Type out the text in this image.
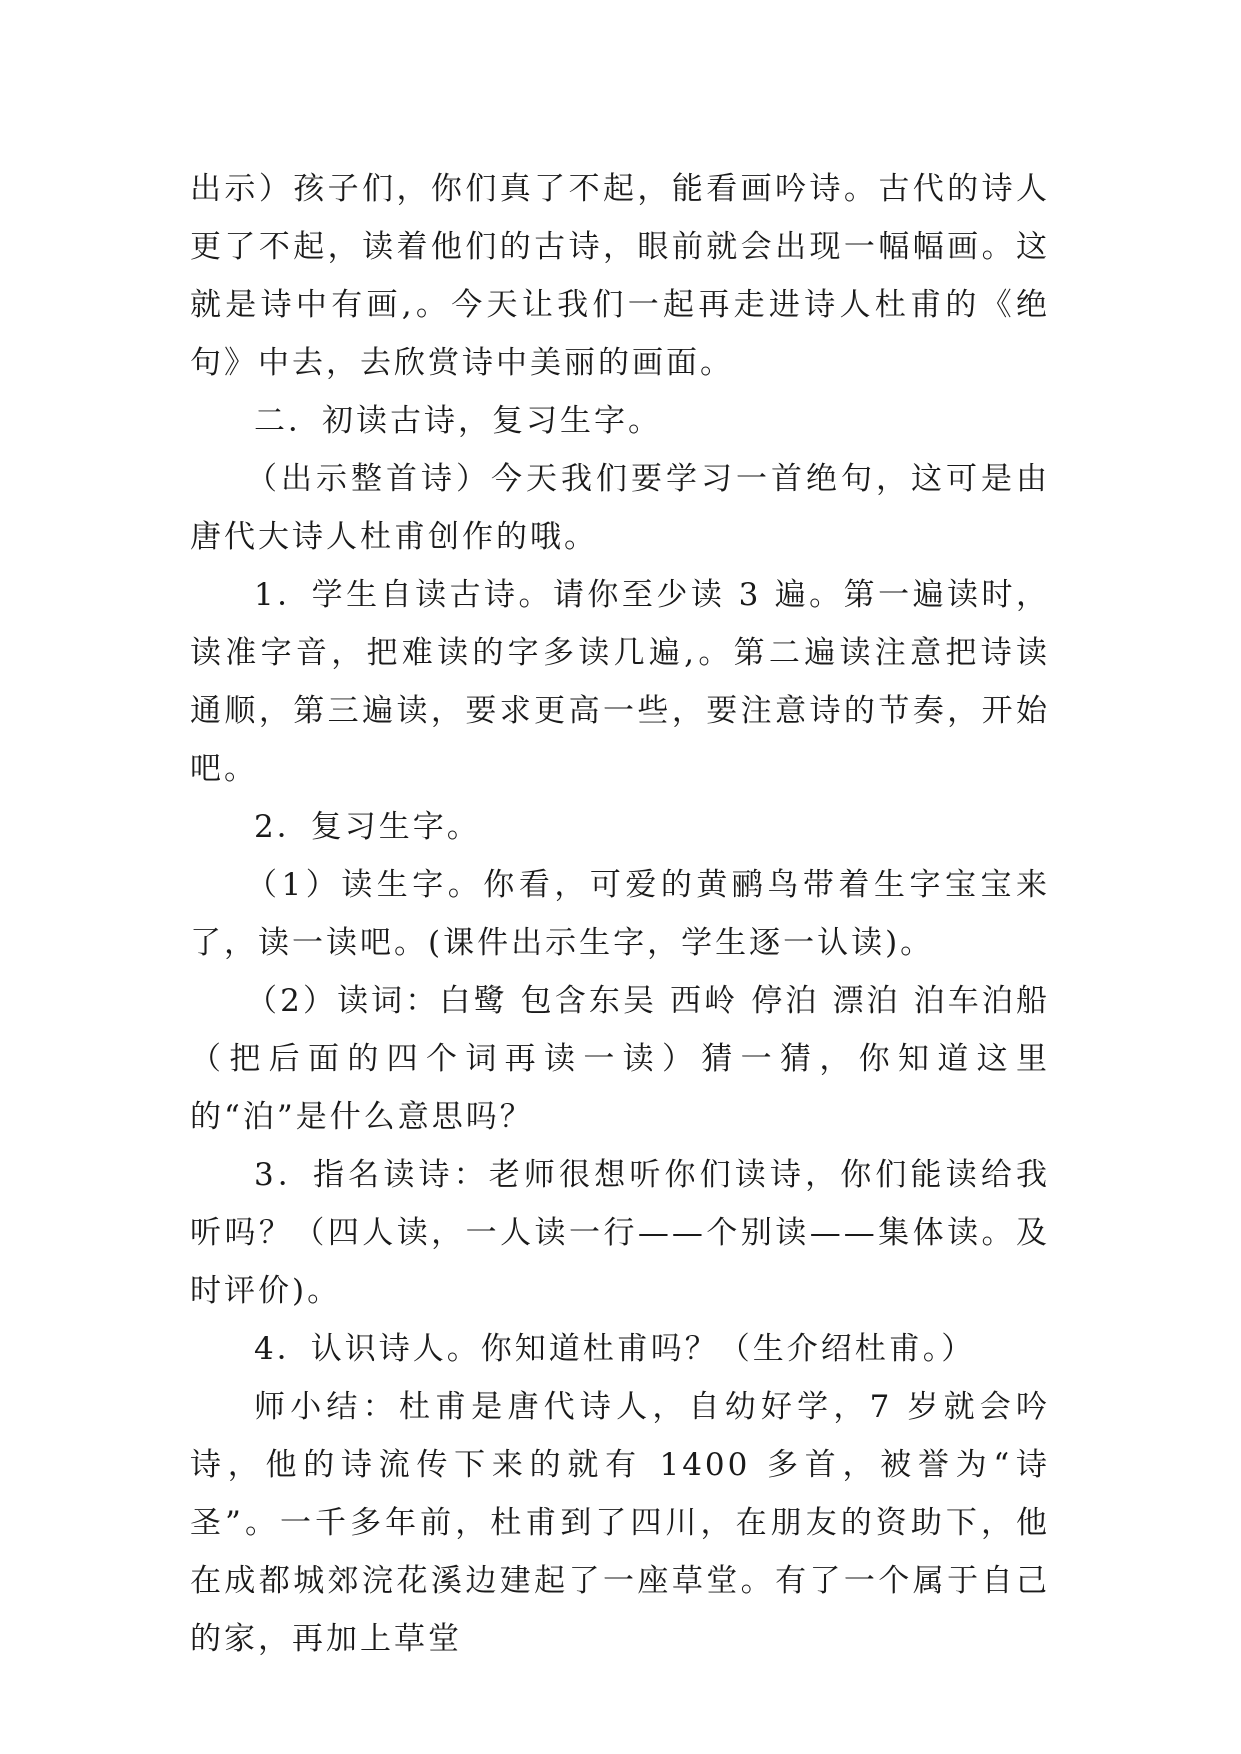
出示）孩子们，你们真了不起，能看画吟诗。古代的诗人更了不起，读着他们的古诗，眼前就会出现一幅幅画。这就是诗中有画,。今天让我们一起再走进诗人杜甫的《绝句》中去，去欣赏诗中美丽的画面。

二．初读古诗，复习生字。

（出示整首诗）今天我们要学习一首绝句，这可是由唐代大诗人杜甫创作的哦。

1．学生自读古诗。请你至少读 3 遍。第一遍读时，读准字音，把难读的字多读几遍,。第二遍读注意把诗读通顺，第三遍读，要求更高一些，要注意诗的节奏，开始吧。

2．复习生字。

（1）读生字。你看，可爱的黄鹂鸟带着生字宝宝来了，读一读吧。(课件出示生字，学生逐一认读)。

（2）读词：白鹭 包含东吴 西岭 停泊 漂泊 泊车泊船（把后面的四个词再读一读）猜一猜，你知道这里的“泊”是什么意思吗？

3．指名读诗：老师很想听你们读诗，你们能读给我听吗？（四人读，一人读一行——个别读——集体读。及时评价)。

4．认识诗人。你知道杜甫吗？（生介绍杜甫。）

师小结：杜甫是唐代诗人，自幼好学，7 岁就会吟诗，他的诗流传下来的就有 1400 多首，被誉为“诗圣”。一千多年前，杜甫到了四川，在朋友的资助下，他在成都城郊浣花溪边建起了一座草堂。有了一个属于自己的家，再加上草堂
